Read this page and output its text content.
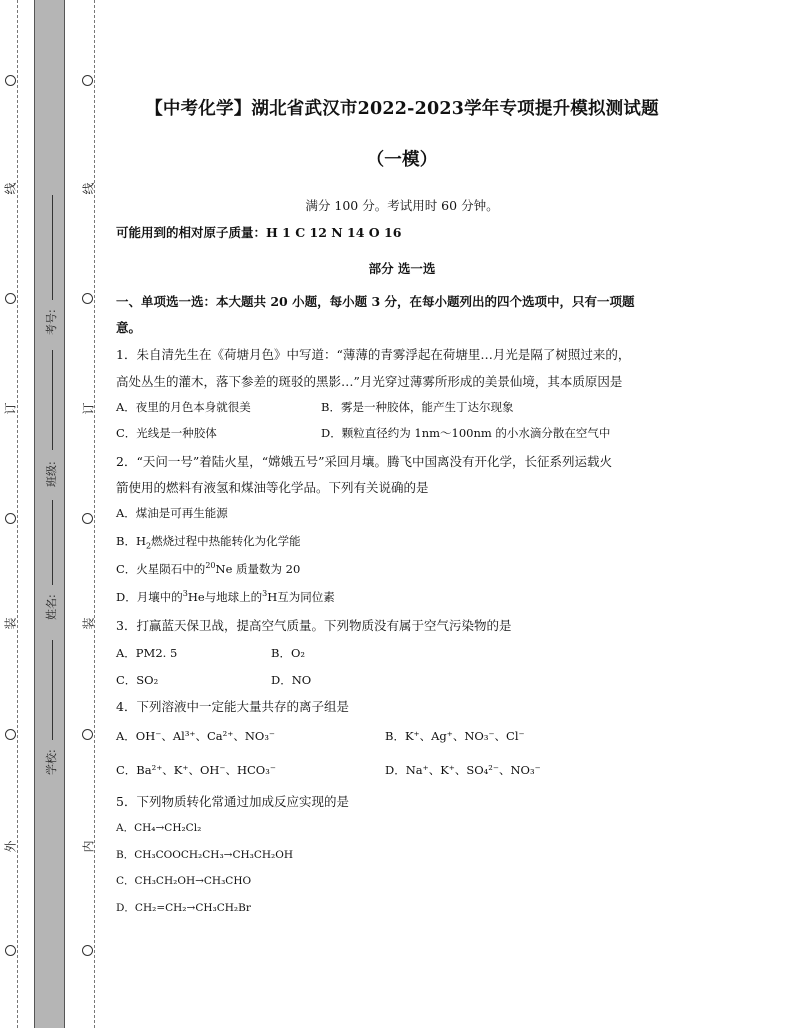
线
订
装
外
线
订
装
内
考号:
班级:
姓名:
学校:
【中考化学】湖北省武汉市2022-2023学年专项提升模拟测试题
（一模）
满分 100 分。考试用时 60 分钟。
可能用到的相对原子质量：H 1 C 12 N 14 O 16
部分 选一选
一、单项选一选：本大题共 20 小题，每小题 3 分，在每小题列出的四个选项中，只有一项题
意。
1．朱自清先生在《荷塘月色》中写道：“薄薄的青雾浮起在荷塘里…月光是隔了树照过来的，
高处丛生的灌木，落下参差的斑驳的黑影…”月光穿过薄雾所形成的美景仙境，其本质原因是
A．夜里的月色本身就很美	B．雾是一种胶体，能产生丁达尔现象
C．光线是一种胶体	D．颗粒直径约为 1nm～100nm 的小水滴分散在空气中
2．“天问一号”着陆火星，“嫦娥五号”采回月壤。腾飞中国离没有开化学，长征系列运载火
箭使用的燃料有液氢和煤油等化学品。下列有关说确的是
A．煤油是可再生能源
B．$H_2$燃烧过程中热能转化为化学能
C．火星陨石中的$^{20}$Ne 质量数为 20
D．月壤中的$^3$He与地球上的$^3$H互为同位素
3．打赢蓝天保卫战，提高空气质量。下列物质没有属于空气污染物的是
A．PM2. 5	B．O₂
C．SO₂	D．NO
4．下列溶液中一定能大量共存的离子组是
A．OH⁻、Al³⁺、Ca²⁺、NO₃⁻	B．K⁺、Ag⁺、NO₃⁻、Cl⁻
C．Ba²⁺、K⁺、OH⁻、HCO₃⁻	D．Na⁺、K⁺、SO₄²⁻、NO₃⁻
5．下列物质转化常通过加成反应实现的是
A．CH₄→CH₂Cl₂
B．CH₃COOCH₂CH₃→CH₃CH₂OH
C．CH₃CH₂OH→CH₃CHO
D．CH₂=CH₂→CH₃CH₂Br
